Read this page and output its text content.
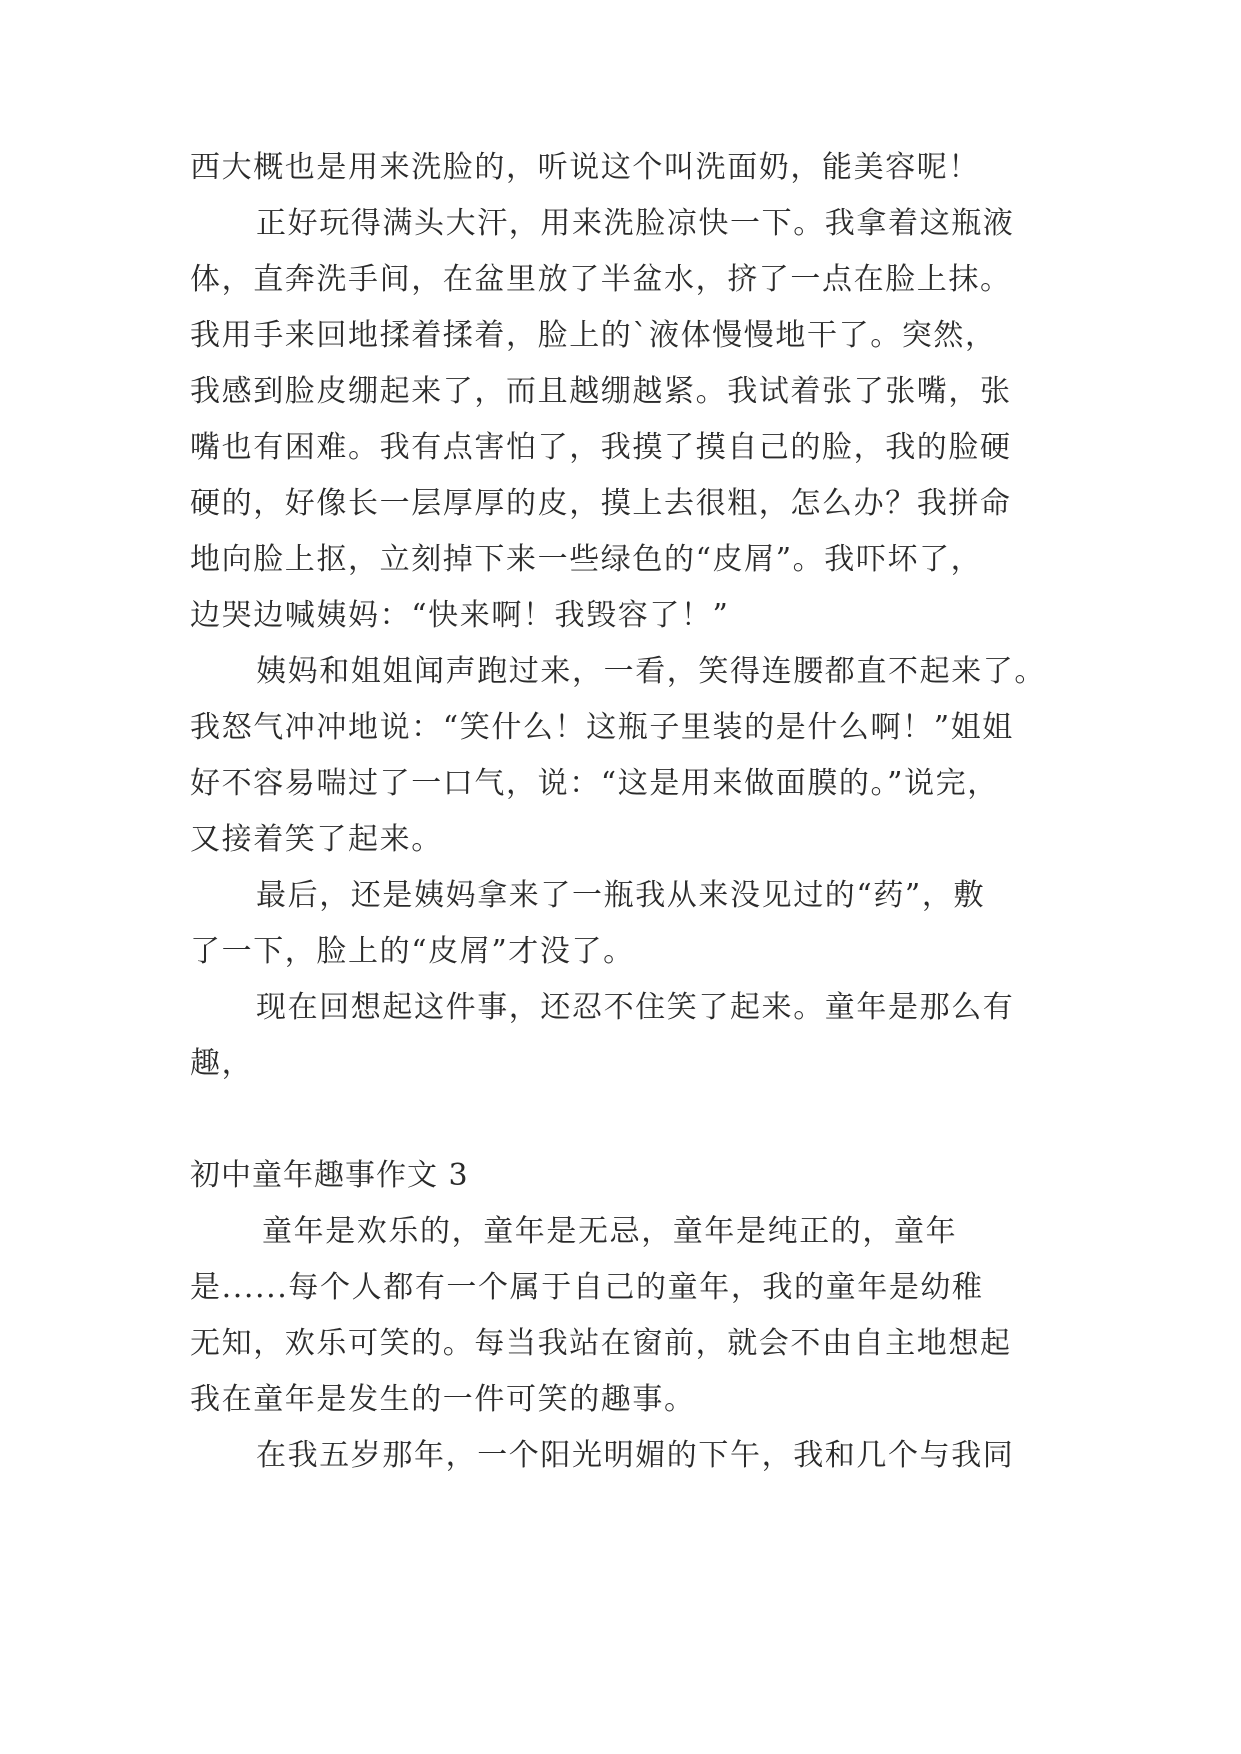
西大概也是用来洗脸的，听说这个叫洗面奶，能美容呢！
正好玩得满头大汗，用来洗脸凉快一下。我拿着这瓶液
体，直奔洗手间，在盆里放了半盆水，挤了一点在脸上抹。
我用手来回地揉着揉着，脸上的`液体慢慢地干了。突然，
我感到脸皮绷起来了，而且越绷越紧。我试着张了张嘴，张
嘴也有困难。我有点害怕了，我摸了摸自己的脸，我的脸硬
硬的，好像长一层厚厚的皮，摸上去很粗，怎么办？我拼命
地向脸上抠，立刻掉下来一些绿色的“皮屑”。我吓坏了，
边哭边喊姨妈：“快来啊！我毁容了！”
姨妈和姐姐闻声跑过来，一看，笑得连腰都直不起来了。
我怒气冲冲地说：“笑什么！这瓶子里装的是什么啊！”姐姐
好不容易喘过了一口气，说：“这是用来做面膜的。”说完，
又接着笑了起来。
最后，还是姨妈拿来了一瓶我从来没见过的“药”，敷
了一下，脸上的“皮屑”才没了。
现在回想起这件事，还忍不住笑了起来。童年是那么有
趣，
初中童年趣事作文 3
童年是欢乐的，童年是无忌，童年是纯正的，童年
是......每个人都有一个属于自己的童年，我的童年是幼稚
无知，欢乐可笑的。每当我站在窗前，就会不由自主地想起
我在童年是发生的一件可笑的趣事。
在我五岁那年，一个阳光明媚的下午，我和几个与我同
